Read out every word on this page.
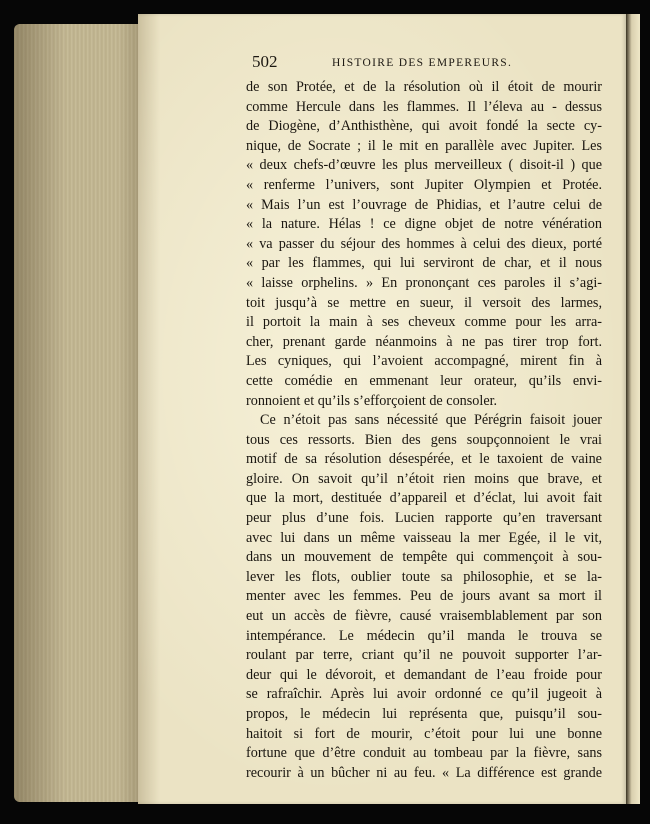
502	HISTOIRE DES EMPEREURS.
de son Protée, et de la résolution où il étoit de mourir
comme Hercule dans les flammes. Il l’éleva au - dessus
de Diogène, d’Anthisthène, qui avoit fondé la secte cy-
nique, de Socrate ; il le mit en parallèle avec Jupiter. Les
« deux chefs-d’œuvre les plus merveilleux ( disoit-il ) que
« renferme l’univers, sont Jupiter Olympien et Protée.
« Mais l’un est l’ouvrage de Phidias, et l’autre celui de
« la nature. Hélas ! ce digne objet de notre vénération
« va passer du séjour des hommes à celui des dieux, porté
« par les flammes, qui lui serviront de char, et il nous
« laisse orphelins. » En prononçant ces paroles il s’agi-
toit jusqu’à se mettre en sueur, il versoit des larmes,
il portoit la main à ses cheveux comme pour les arra-
cher, prenant garde néanmoins à ne pas tirer trop fort.
Les cyniques, qui l’avoient accompagné, mirent fin à
cette comédie en emmenant leur orateur, qu’ils envi-
ronnoient et qu’ils s’efforçoient de consoler.
Ce n’étoit pas sans nécessité que Pérégrin faisoit jouer
tous ces ressorts. Bien des gens soupçonnoient le vrai
motif de sa résolution désespérée, et le taxoient de vaine
gloire. On savoit qu’il n’étoit rien moins que brave, et
que la mort, destituée d’appareil et d’éclat, lui avoit fait
peur plus d’une fois. Lucien rapporte qu’en traversant
avec lui dans un même vaisseau la mer Egée, il le vit,
dans un mouvement de tempête qui commençoit à sou-
lever les flots, oublier toute sa philosophie, et se la-
menter avec les femmes. Peu de jours avant sa mort il
eut un accès de fièvre, causé vraisemblablement par son
intempérance. Le médecin qu’il manda le trouva se
roulant par terre, criant qu’il ne pouvoit supporter l’ar-
deur qui le dévoroit, et demandant de l’eau froide pour
se rafraîchir. Après lui avoir ordonné ce qu’il jugeoit à
propos, le médecin lui représenta que, puisqu’il sou-
haitoit si fort de mourir, c’étoit pour lui une bonne
fortune que d’être conduit au tombeau par la fièvre, sans
recourir à un bûcher ni au feu. « La différence est grande
